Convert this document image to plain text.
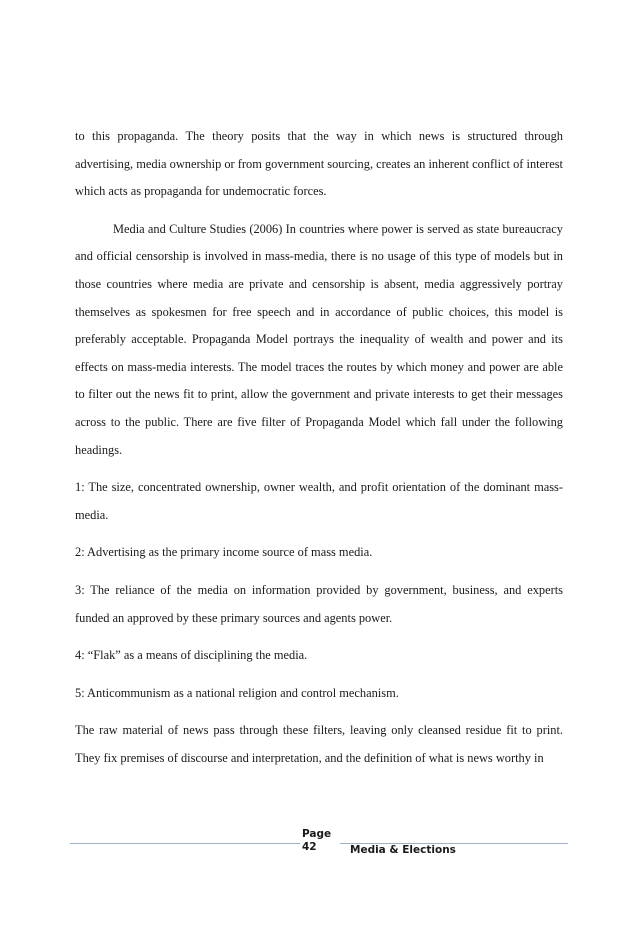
to this propaganda. The theory posits that the way in which news is structured through advertising, media ownership or from government sourcing, creates an inherent conflict of interest which acts as propaganda for undemocratic forces.

Media and Culture Studies (2006) In countries where power is served as state bureaucracy and official censorship is involved in mass-media, there is no usage of this type of models but in those countries where media are private and censorship is absent, media aggressively portray themselves as spokesmen for free speech and in accordance of public choices, this model is preferably acceptable. Propaganda Model portrays the inequality of wealth and power and its effects on mass-media interests. The model traces the routes by which money and power are able to filter out the news fit to print, allow the government and private interests to get their messages across to the public. There are five filter of Propaganda Model which fall under the following headings.

1: The size, concentrated ownership, owner wealth, and profit orientation of the dominant mass-media.

2: Advertising as the primary income source of mass media.

3: The reliance of the media on information provided by government, business, and experts funded an approved by these primary sources and agents power.

4: “Flak” as a means of disciplining the media.

5: Anticommunism as a national religion and control mechanism.

The raw material of news pass through these filters, leaving only cleansed residue fit to print. They fix premises of discourse and interpretation, and the definition of what is news worthy in

Page
42	Media & Elections
